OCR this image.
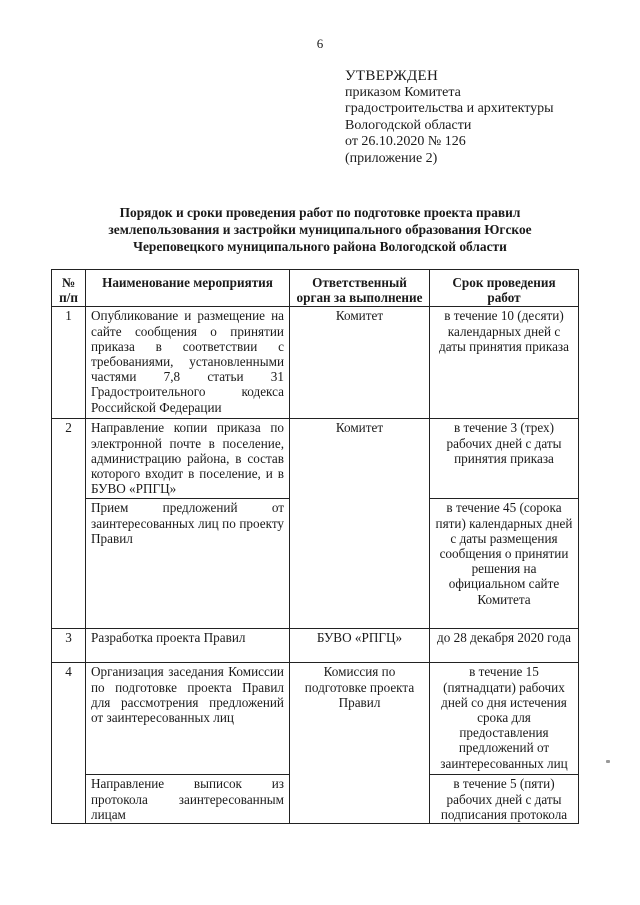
6
УТВЕРЖДЕН
приказом Комитета
градостроительства и архитектуры
Вологодской области
от 26.10.2020 № 126
(приложение 2)
Порядок и сроки проведения работ по подготовке проекта правил
землепользования и застройки муниципального образования Югское
Череповецкого муниципального района Вологодской области
№ п/п	Наименование мероприятия	Ответственный орган за выполнение	Срок проведения работ
1	Опубликование и размещение на сайте сообщения о принятии приказа в соответствии с требованиями, установленными частями 7,8 статьи 31 Градостроительного кодекса Российской Федерации	Комитет	в течение 10 (десяти) календарных дней с даты принятия приказа
2	Направление копии приказа по электронной почте в поселение, администрацию района, в состав которого входит в поселение, и в БУВО «РПГЦ»	Комитет	в течение 3 (трех) рабочих дней с даты принятия приказа
	Прием предложений от заинтересованных лиц по проекту Правил		в течение 45 (сорока пяти) календарных дней с даты размещения сообщения о принятии решения на официальном сайте Комитета
3	Разработка проекта Правил	БУВО «РПГЦ»	до 28 декабря 2020 года
4	Организация заседания Комиссии по подготовке проекта Правил для рассмотрения предложений от заинтересованных лиц	Комиссия по подготовке проекта Правил	в течение 15 (пятнадцати) рабочих дней со дня истечения срока для предоставления предложений от заинтересованных лиц
	Направление выписок из протокола заинтересованным лицам		в течение 5 (пяти) рабочих дней с даты подписания протокола
